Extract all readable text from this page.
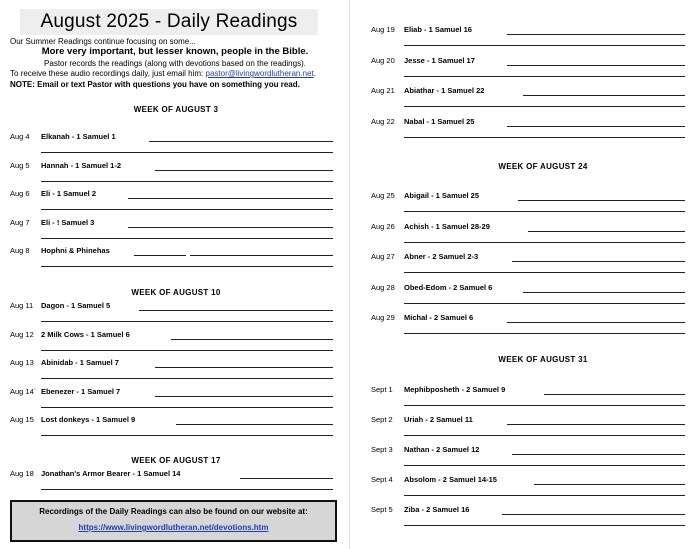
August 2025 - Daily Readings
Our Summer Readings continue focusing on some...
More very important, but lesser known, people in the Bible.
Pastor records the readings (along with devotions based on the readings).
To receive these audio recordings daily, just email him: pastor@livingwordlutheran.net.
NOTE: Email or text Pastor with questions you have on something you read.
WEEK OF AUGUST 3
Aug 4 Elkanah - 1 Samuel 1
Aug 5 Hannah - 1 Samuel 1-2
Aug 6 Eli - 1 Samuel 2
Aug 7 Eli - ! Samuel 3
Aug 8 Hophni & Phinehas
WEEK OF AUGUST 10
Aug 11 Dagon - 1 Samuel 5
Aug 12 2 Milk Cows - 1 Samuel 6
Aug 13 Abinidab - 1 Samuel 7
Aug 14` Ebenezer - 1 Samuel 7
Aug 15 Lost donkeys - 1 Samuel 9
WEEK OF AUGUST 17
Aug 18 Jonathan's Armor Bearer - 1 Samuel 14
Recordings of the Daily Readings can also be found on our website at:
https://www.livingwordlutheran.net/devotions.htm
Aug 19 Eliab - 1 Samuel 16
Aug 20 Jesse - 1 Samuel 17
Aug 21 Abiathar - 1 Samuel 22
Aug 22 Nabal - 1 Samuel 25
WEEK OF AUGUST 24
Aug 25 Abigail - 1 Samuel 25
Aug 26 Achish - 1 Samuel 28-29
Aug 27 Abner - 2 Samuel 2-3
Aug 28 Obed-Edom - 2 Samuel 6
Aug 29 Michal - 2 Samuel 6
WEEK OF AUGUST 31
Sept 1 Mephibposheth - 2 Samuel 9
Sept 2 Uriah - 2 Samuel 11
Sept 3 Nathan - 2 Samuel 12
Sept 4 Absolom - 2 Samuel 14-15
Sept 5 Ziba - 2 Samuel 16
